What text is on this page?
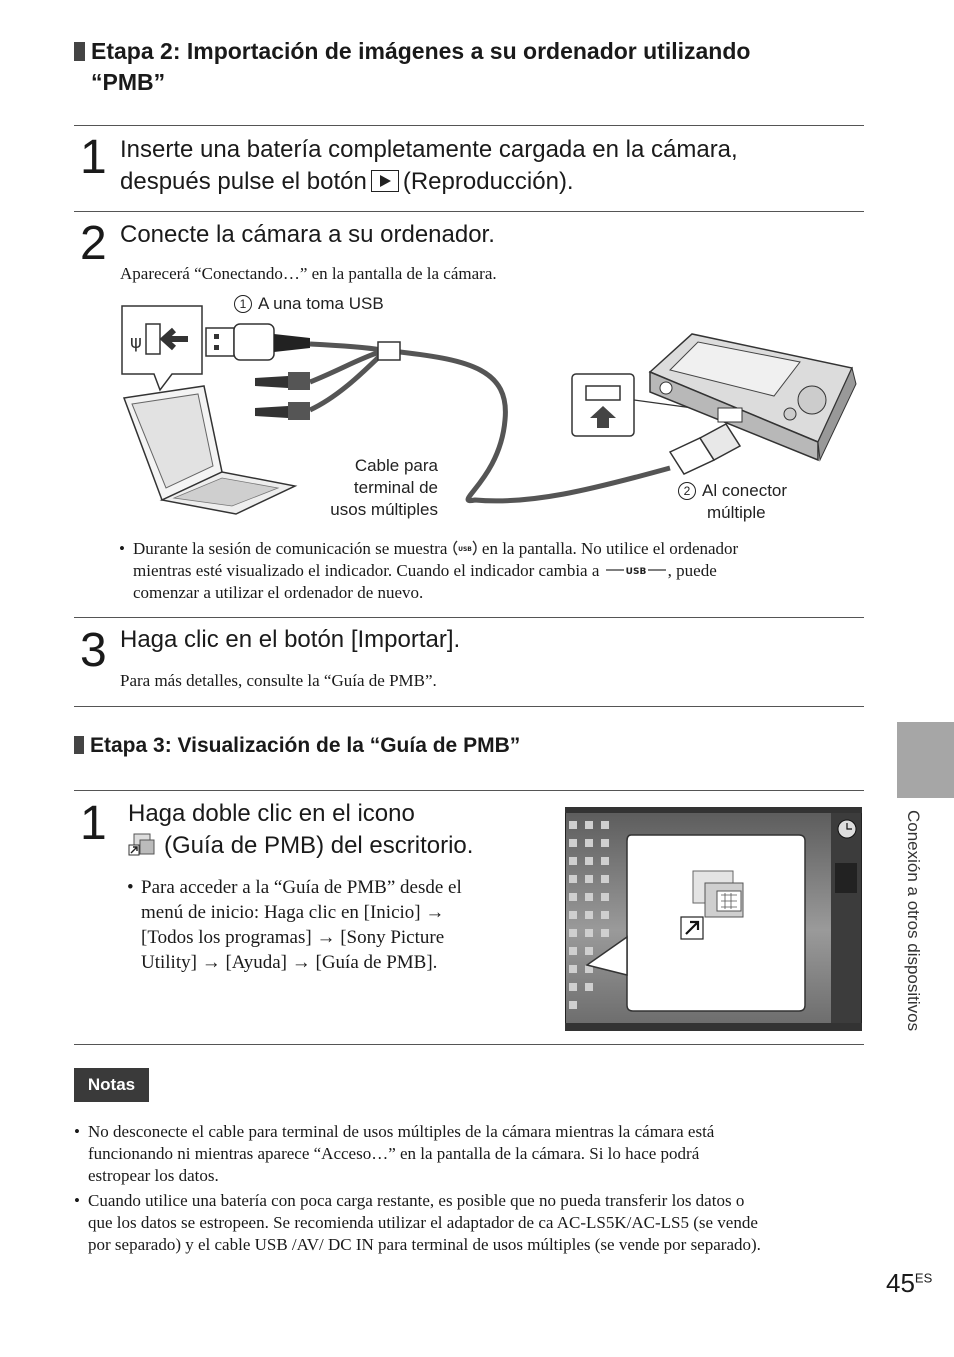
Etapa 2: Importación de imágenes a su ordenador utilizando
“PMB”
1 Inserte una batería completamente cargada en la cámara,
después pulse el botón (Reproducción).
2 Conecte la cámara a su ordenador.
Aparecerá “Conectando…” en la pantalla de la cámara.
1 A una toma USB
Cable para
terminal de
usos múltiples
2 Al conector
múltiple
ψ
• Durante la sesión de comunicación se muestra USB en la pantalla. No utilice el ordenador
mientras esté visualizado el indicador. Cuando el indicador cambia a	USB , puede
comenzar a utilizar el ordenador de nuevo.
3 Haga clic en el botón [Importar].
Para más detalles, consulte la “Guía de PMB”.
Etapa 3: Visualización de la “Guía de PMB”
1 Haga doble clic en el icono
(Guía de PMB) del escritorio.
• Para acceder a la “Guía de PMB” desde el
menú de inicio: Haga clic en [Inicio] →
[Todos los programas] → [Sony Picture
Utility] → [Ayuda] → [Guía de PMB].
Notas
• No desconecte el cable para terminal de usos múltiples de la cámara mientras la cámara está
funcionando ni mientras aparece “Acceso…” en la pantalla de la cámara. Si lo hace podrá
estropear los datos.
• Cuando utilice una batería con poca carga restante, es posible que no pueda transferir los datos o
que los datos se estropeen. Se recomienda utilizar el adaptador de ca AC-LS5K/AC-LS5 (se vende
por separado) y el cable USB /AV/ DC IN para terminal de usos múltiples (se vende por separado).
Conexión a otros dispositivos
$45^{ES}$
